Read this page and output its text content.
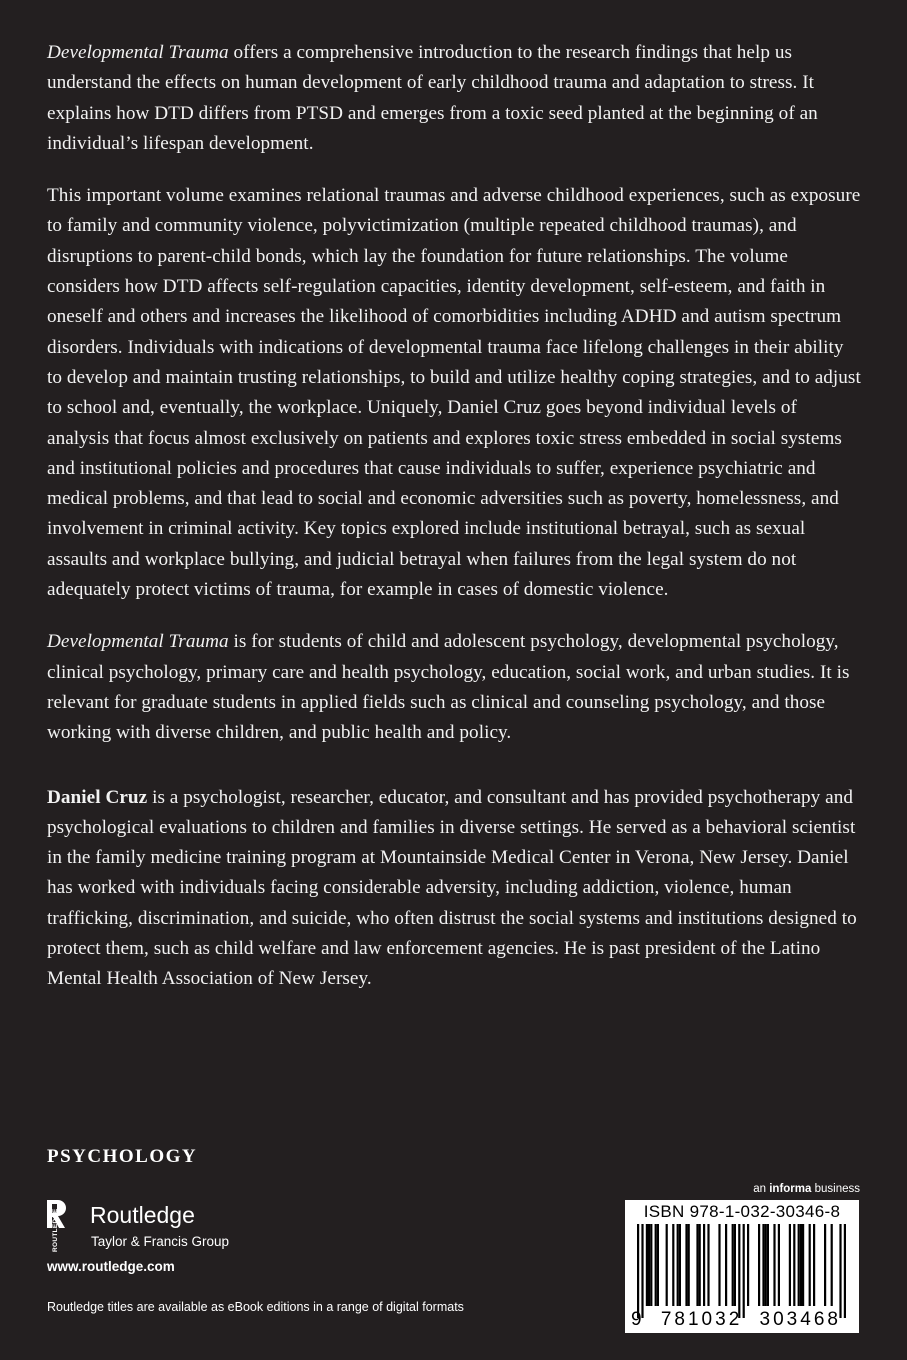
Developmental Trauma offers a comprehensive introduction to the research findings that help us understand the effects on human development of early childhood trauma and adaptation to stress. It explains how DTD differs from PTSD and emerges from a toxic seed planted at the beginning of an individual’s lifespan development.

This important volume examines relational traumas and adverse childhood experiences, such as exposure to family and community violence, polyvictimization (multiple repeated childhood traumas), and disruptions to parent-child bonds, which lay the foundation for future relationships. The volume considers how DTD affects self-regulation capacities, identity development, self-esteem, and faith in oneself and others and increases the likelihood of comorbidities including ADHD and autism spectrum disorders. Individuals with indications of developmental trauma face lifelong challenges in their ability to develop and maintain trusting relationships, to build and utilize healthy coping strategies, and to adjust to school and, eventually, the workplace. Uniquely, Daniel Cruz goes beyond individual levels of analysis that focus almost exclusively on patients and explores toxic stress embedded in social systems and institutional policies and procedures that cause individuals to suffer, experience psychiatric and medical problems, and that lead to social and economic adversities such as poverty, homelessness, and involvement in criminal activity. Key topics explored include institutional betrayal, such as sexual assaults and workplace bullying, and judicial betrayal when failures from the legal system do not adequately protect victims of trauma, for example in cases of domestic violence.

Developmental Trauma is for students of child and adolescent psychology, developmental psychology, clinical psychology, primary care and health psychology, education, social work, and urban studies. It is relevant for graduate students in applied fields such as clinical and counseling psychology, and those working with diverse children, and public health and policy.

Daniel Cruz is a psychologist, researcher, educator, and consultant and has provided psychotherapy and psychological evaluations to children and families in diverse settings. He served as a behavioral scientist in the family medicine training program at Mountainside Medical Center in Verona, New Jersey. Daniel has worked with individuals facing considerable adversity, including addiction, violence, human trafficking, discrimination, and suicide, who often distrust the social systems and institutions designed to protect them, such as child welfare and law enforcement agencies. He is past president of the Latino Mental Health Association of New Jersey.

PSYCHOLOGY
ROUTLEDGE Routledge
Taylor & Francis Group
www.routledge.com
Routledge titles are available as eBook editions in a range of digital formats
an informa business
ISBN 978-1-032-30346-8
9 781032 303468
